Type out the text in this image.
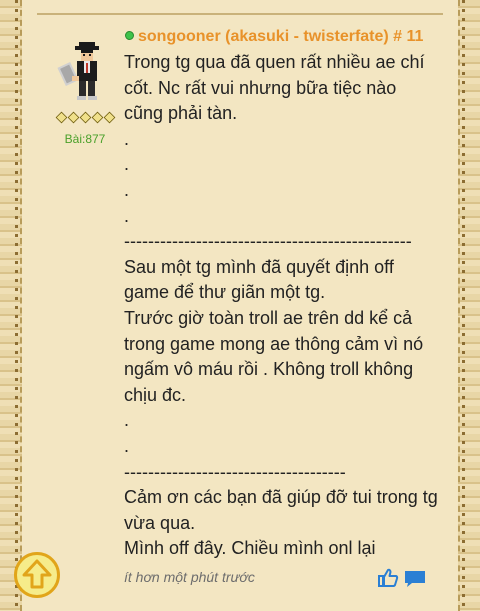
Bài:877
songooner (akasuki - twisterfate) # 11
Trong tg qua đã quen rất nhiều ae chí cốt. Nc rất vui nhưng bữa tiệc nào cũng phải tàn.
.
.
.
.
------------------------------------------------
Sau một tg mình đã quyết định off game để thư giãn một tg.
Trước giờ toàn troll ae trên dd kể cả trong game mong ae thông cảm vì nó ngấm vô máu rồi . Không troll không chịu đc.
.
.
-------------------------------------
Cảm ơn các bạn đã giúp đỡ tui trong tg vừa qua.
Mình off đây. Chiều mình onl lại
ít hơn một phút trước
